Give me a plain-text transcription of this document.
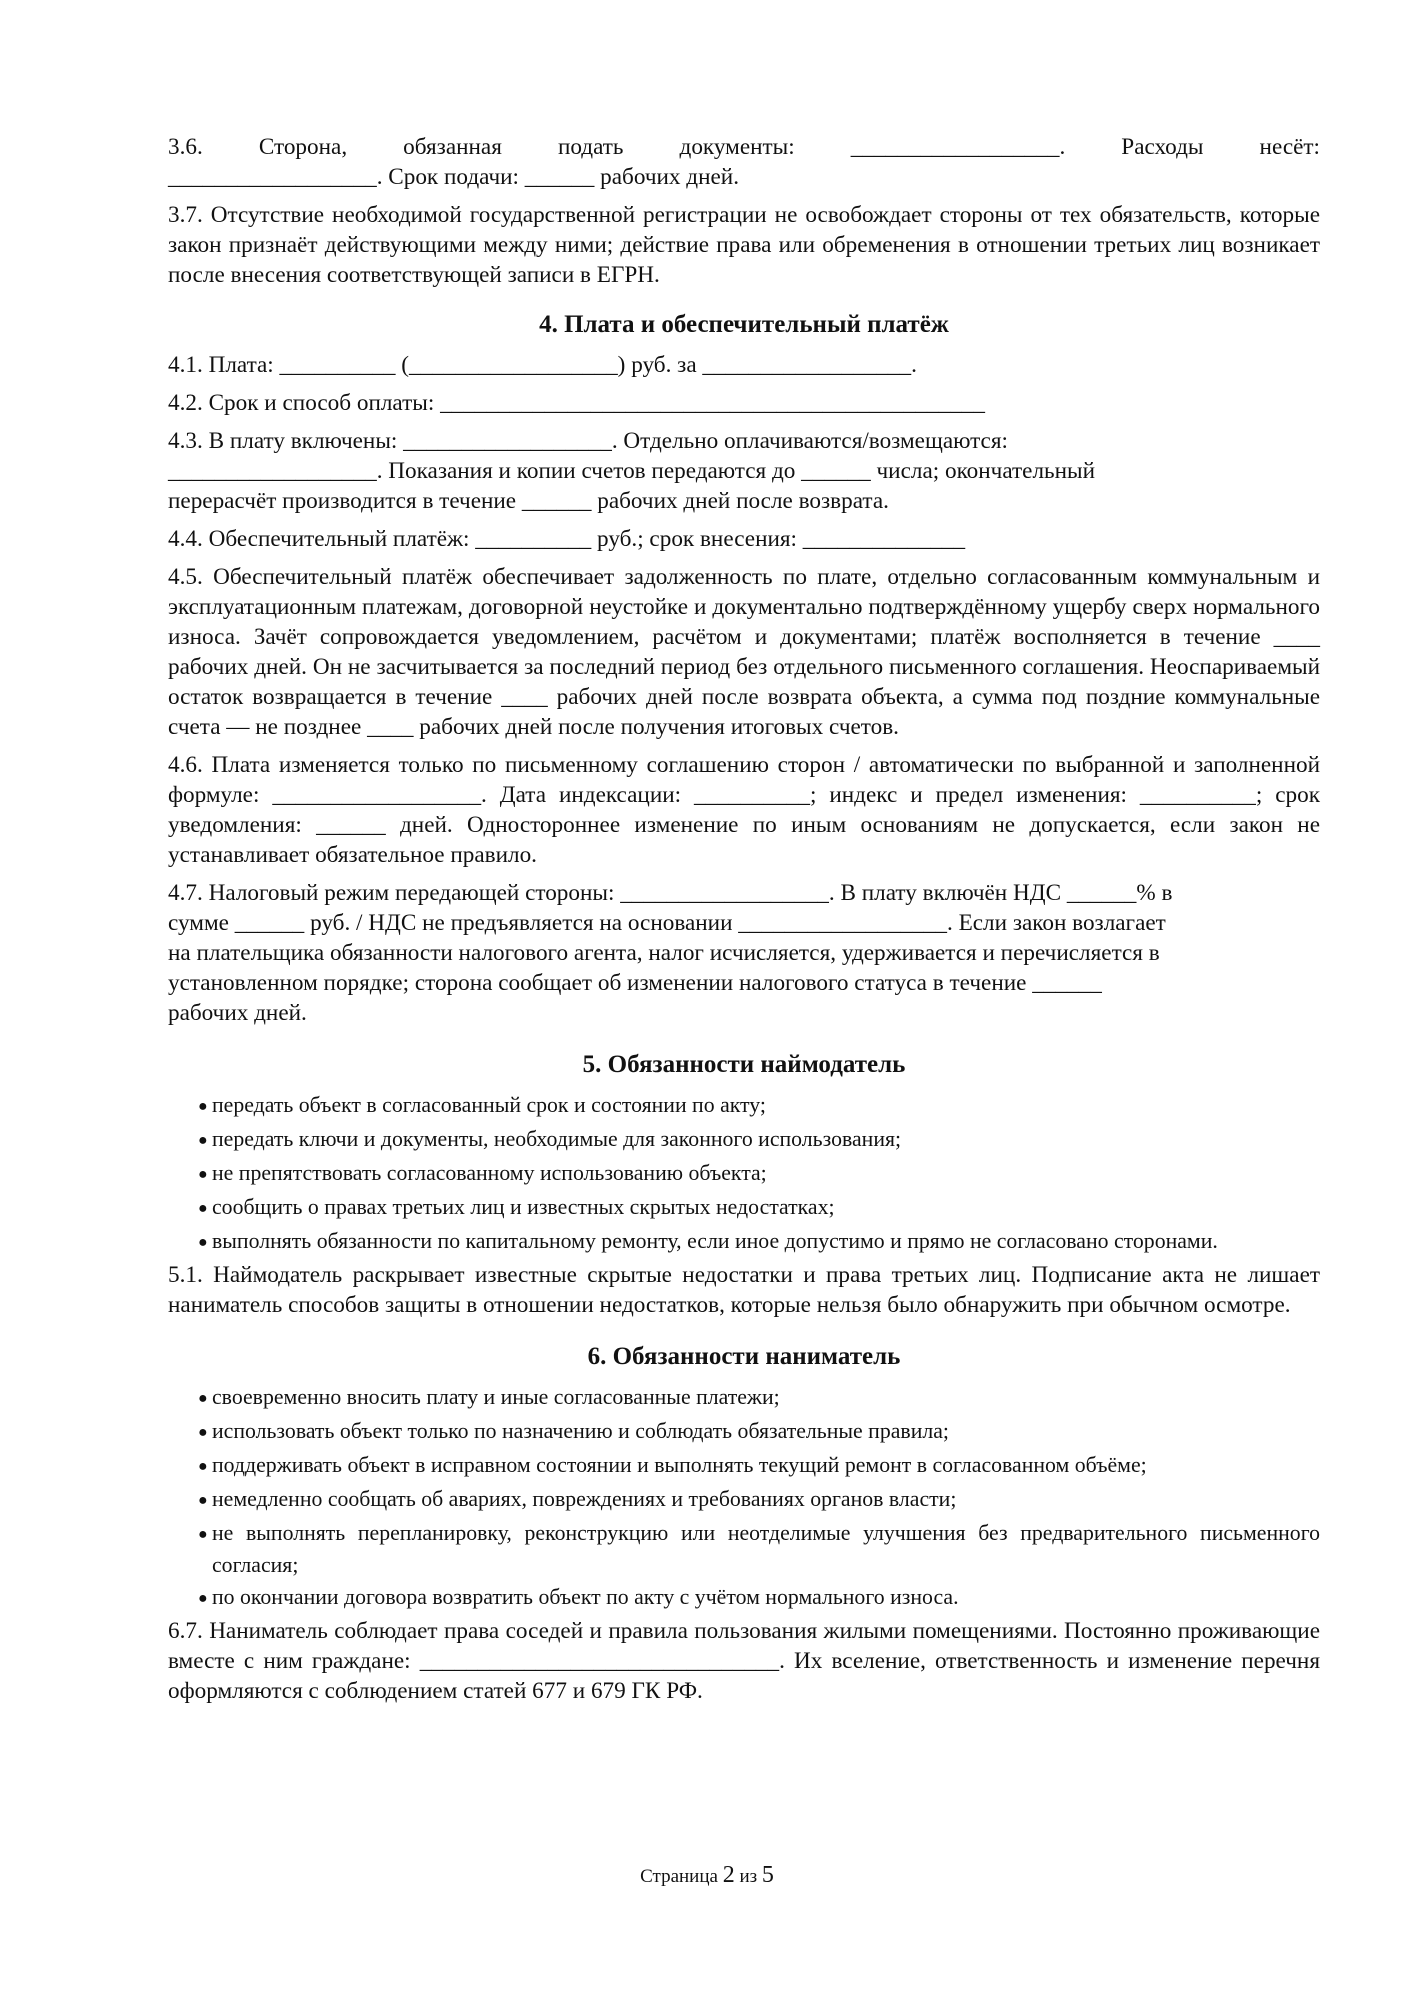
3.6. Сторона, обязанная подать документы: __________________. Расходы несёт:

__________________. Срок подачи: ______ рабочих дней.

3.7. Отсутствие необходимой государственной регистрации не освобождает стороны от тех обязательств, которые закон признаёт действующими между ними; действие права или обременения в отношении третьих лиц возникает после внесения соответствующей записи в ЕГРН.

4. Плата и обеспечительный платёж

4.1. Плата: __________ (__________________) руб. за __________________.

4.2. Срок и способ оплаты: _______________________________________________

4.3. В плату включены: __________________. Отдельно оплачиваются/возмещаются:
__________________. Показания и копии счетов передаются до ______ числа; окончательный
перерасчёт производится в течение ______ рабочих дней после возврата.

4.4. Обеспечительный платёж: __________ руб.; срок внесения: ______________

4.5. Обеспечительный платёж обеспечивает задолженность по плате, отдельно согласованным коммунальным и эксплуатационным платежам, договорной неустойке и документально подтверждённому ущербу сверх нормального износа. Зачёт сопровождается уведомлением, расчётом и документами; платёж восполняется в течение ____ рабочих дней. Он не засчитывается за последний период без отдельного письменного соглашения. Неоспариваемый остаток возвращается в течение ____ рабочих дней после возврата объекта, а сумма под поздние коммунальные счета — не позднее ____ рабочих дней после получения итоговых счетов.

4.6. Плата изменяется только по письменному соглашению сторон / автоматически по выбранной и заполненной формуле: __________________. Дата индексации: __________; индекс и предел изменения: __________; срок уведомления: ______ дней. Одностороннее изменение по иным основаниям не допускается, если закон не устанавливает обязательное правило.

4.7. Налоговый режим передающей стороны: __________________. В плату включён НДС ______% в
сумме ______ руб. / НДС не предъявляется на основании __________________. Если закон возлагает
на плательщика обязанности налогового агента, налог исчисляется, удерживается и перечисляется в
установленном порядке; сторона сообщает об изменении налогового статуса в течение ______
рабочих дней.
5. Обязанности наймодатель
● передать объект в согласованный срок и состоянии по акту;
● передать ключи и документы, необходимые для законного использования;
● не препятствовать согласованному использованию объекта;
● сообщить о правах третьих лиц и известных скрытых недостатках;
● выполнять обязанности по капитальному ремонту, если иное допустимо и прямо не согласовано сторонами.

5.1. Наймодатель раскрывает известные скрытые недостатки и права третьих лиц. Подписание акта не лишает наниматель способов защиты в отношении недостатков, которые нельзя было обнаружить при обычном осмотре.

6. Обязанности наниматель
● своевременно вносить плату и иные согласованные платежи;
● использовать объект только по назначению и соблюдать обязательные правила;
● поддерживать объект в исправном состоянии и выполнять текущий ремонт в согласованном объёме;
● немедленно сообщать об авариях, повреждениях и требованиях органов власти;
● не выполнять перепланировку, реконструкцию или неотделимые улучшения без предварительного письменного согласия;
● по окончании договора возвратить объект по акту с учётом нормального износа.

6.7. Наниматель соблюдает права соседей и правила пользования жилыми помещениями. Постоянно проживающие вместе с ним граждане: _______________________________. Их вселение, ответственность и изменение перечня оформляются с соблюдением статей 677 и 679 ГК РФ.

Страница 2 из 5
